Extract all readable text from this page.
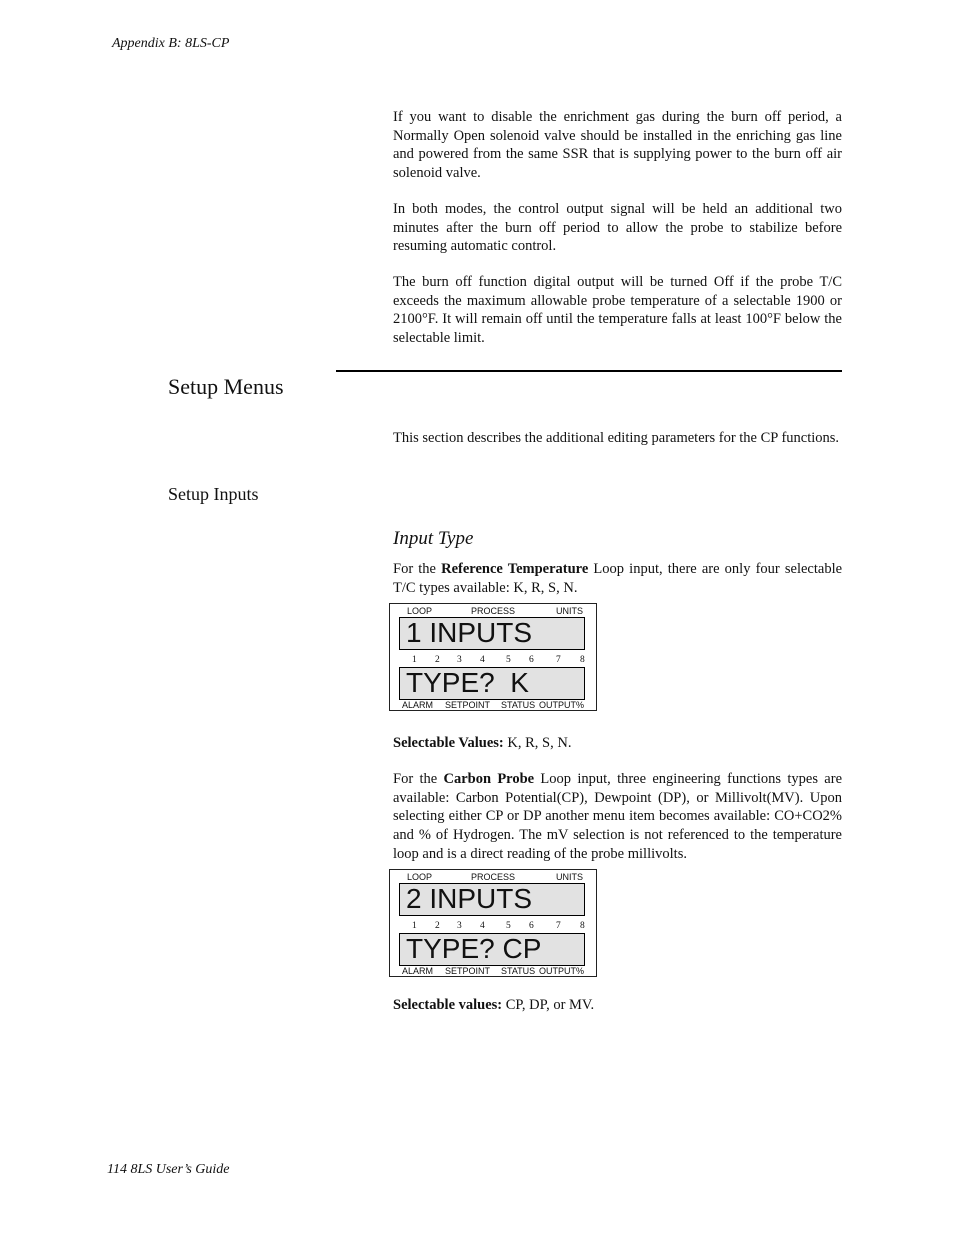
Appendix B: 8LS-CP

If you want to disable the enrichment gas during the burn off period, a Normally Open solenoid valve should be installed in the enriching gas line and powered from the same SSR that is supplying power to the burn off air solenoid valve.

In both modes, the control output signal will be held an additional two minutes after the burn off period to allow the probe to stabilize before resuming automatic control.

The burn off function digital output will be turned Off if the probe T/C exceeds the maximum allowable probe temperature of a selectable 1900 or 2100°F. It will remain off until the temperature falls at least 100°F below the selectable limit.

Setup Menus

This section describes the additional editing parameters for the CP functions.

Setup Inputs
Input Type

For the Reference Temperature Loop input, there are only four selectable T/C types available: K, R, S, N.

LOOP	PROCESS	UNITS
1 INPUTS
1 2 3 4 5 6 7 8
TYPE?  K
ALARM SETPOINT STATUS OUTPUT%

Selectable Values: K, R, S, N.

For the Carbon Probe Loop input, three engineering functions types are available: Carbon Potential(CP), Dewpoint (DP), or Millivolt(MV). Upon selecting either CP or DP another menu item becomes available: CO+CO2% and % of Hydrogen. The mV selection is not referenced to the temperature loop and is a direct reading of the probe millivolts.

LOOP	PROCESS	UNITS
2 INPUTS
1 2 3 4 5 6 7 8
TYPE? CP
ALARM SETPOINT STATUS OUTPUT%

Selectable values: CP, DP, or MV.

114 8LS User’s Guide
